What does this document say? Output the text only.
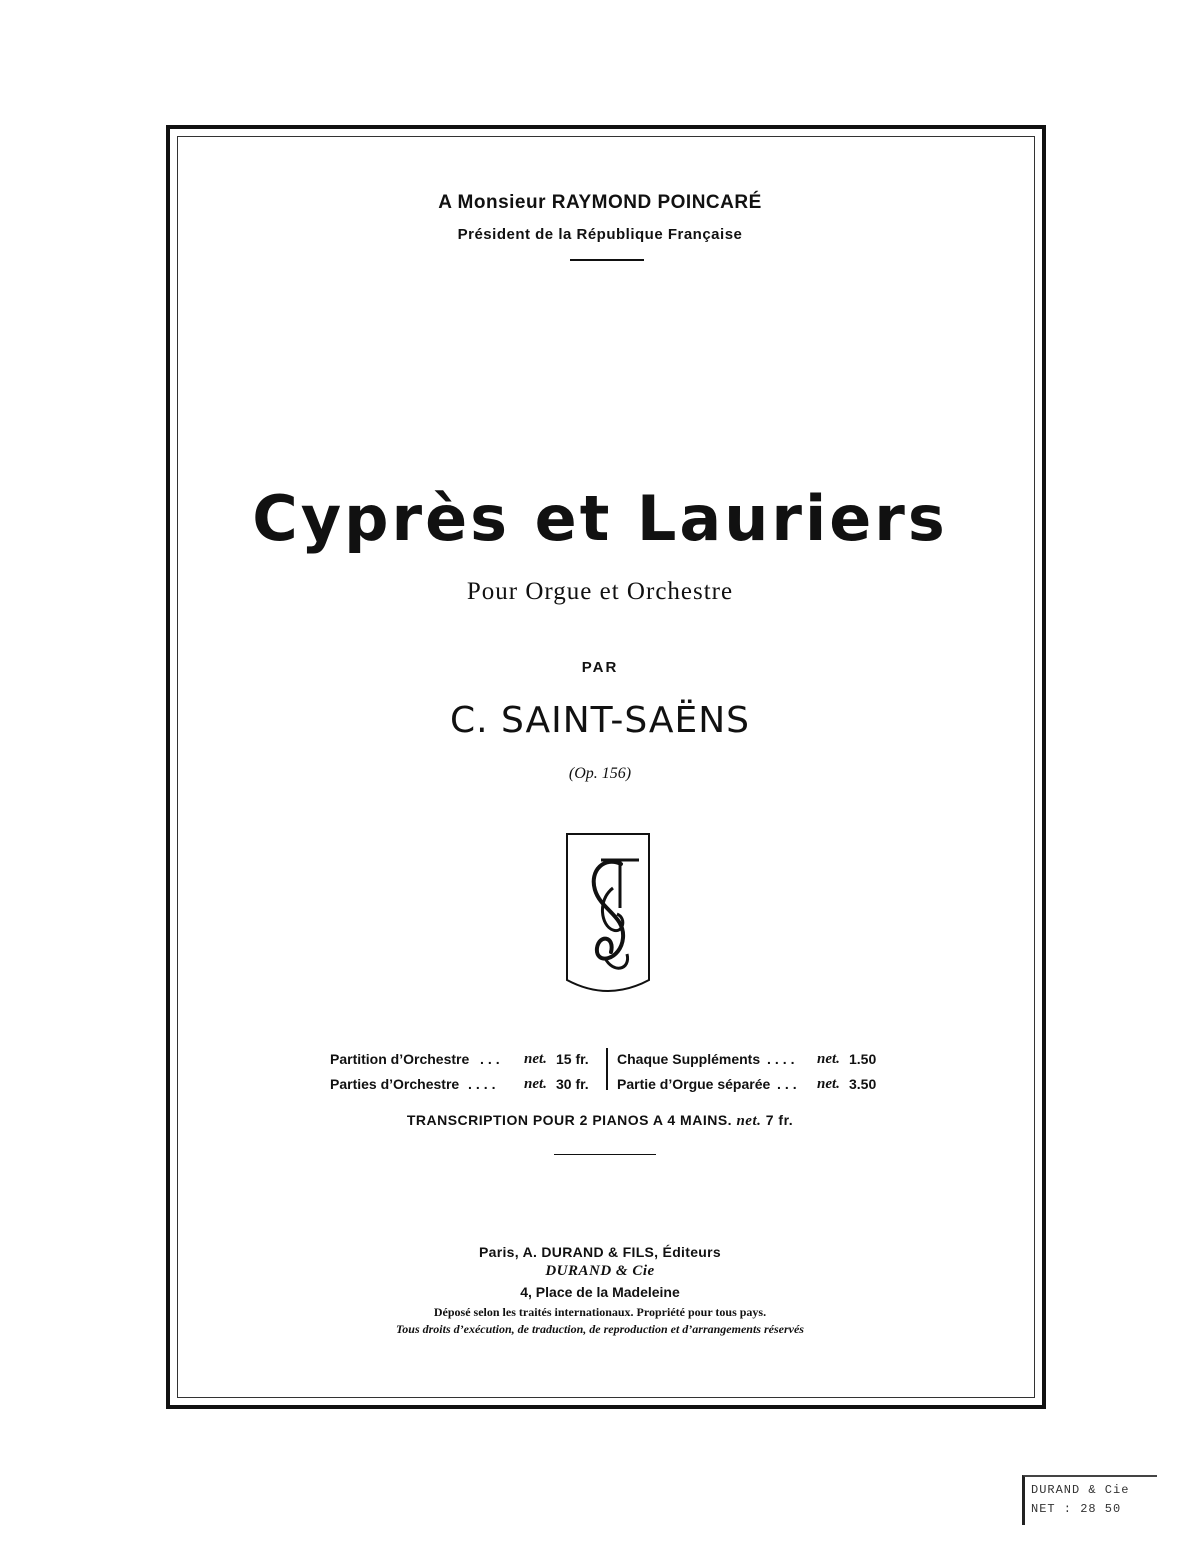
A Monsieur RAYMOND POINCARÉ
Président de la République Française
Cyprès et Lauriers
Pour Orgue et Orchestre
PAR
C. SAINT-SAËNS
(Op. 156)
Partition d’Orchestre ... net. 15 fr.
Parties d’Orchestre .... net. 30 fr.
Chaque Suppléments .... net. 1.50
Partie d’Orgue séparée ... net. 3.50
TRANSCRIPTION POUR 2 PIANOS A 4 MAINS. net. 7 fr.
Paris, A. DURAND & FILS, Éditeurs
DURAND & Cie
4, Place de la Madeleine
Déposé selon les traités internationaux. Propriété pour tous pays.
Tous droits d’exécution, de traduction, de reproduction et d’arrangements réservés
DURAND & Cie
NET : 28 50
